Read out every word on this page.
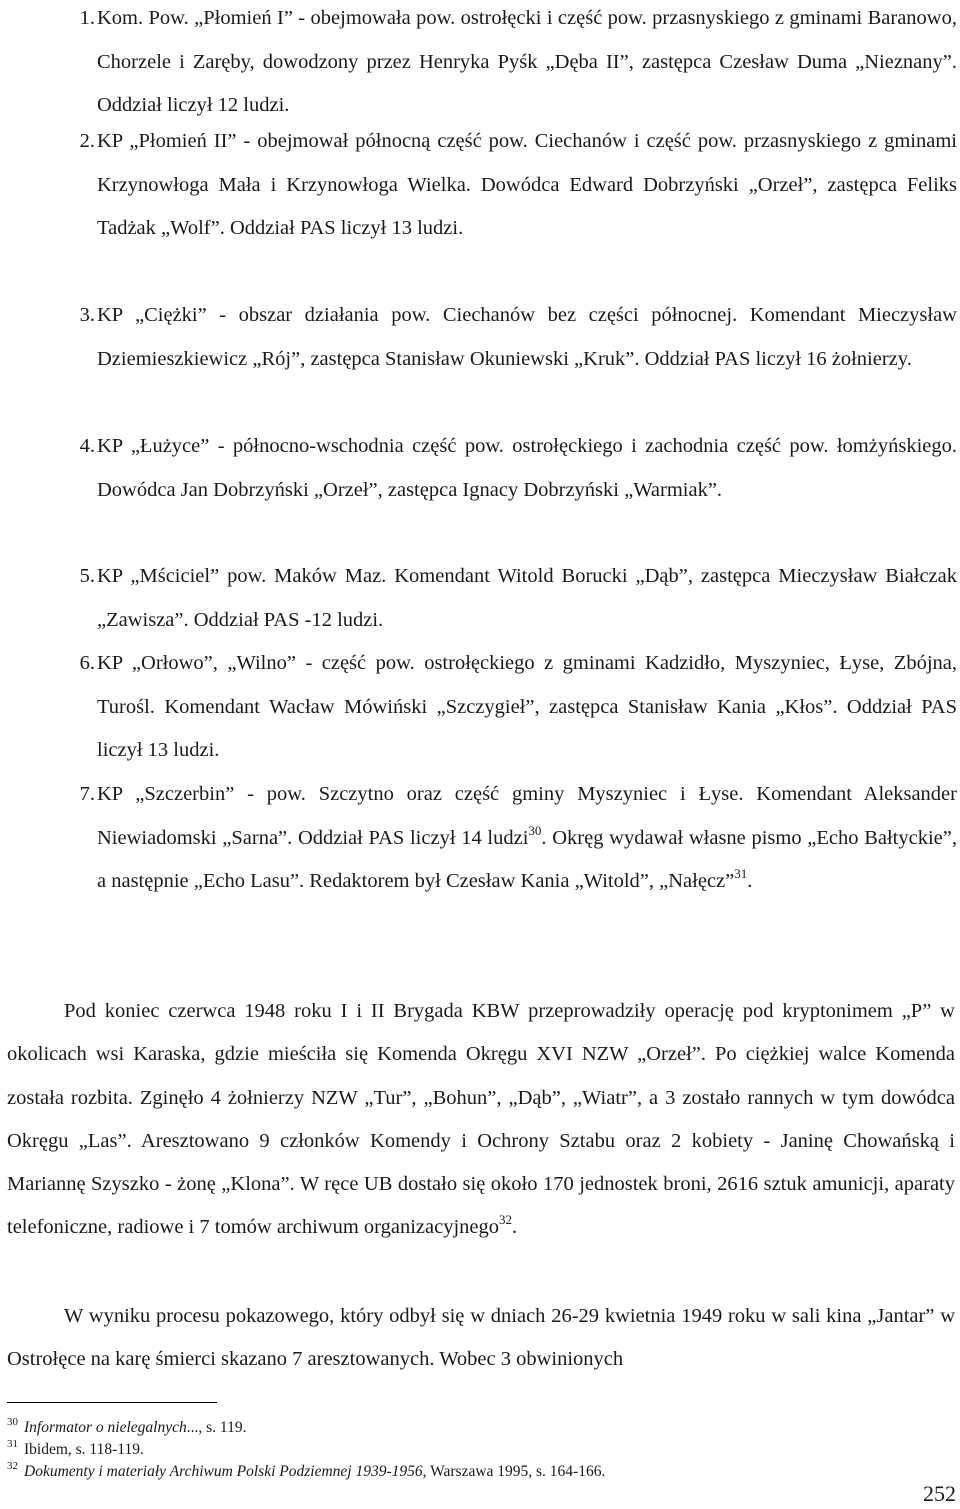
1. Kom. Pow. „Płomień I” - obejmowała pow. ostrołęcki i część pow. przasnyskiego z gminami Baranowo, Chorzele i Zaręby, dowodzony przez Henryka Pyśk „Dęba II”, zastępca Czesław Duma „Nieznany”. Oddział liczył 12 ludzi.
2. KP „Płomień II” - obejmował północną część pow. Ciechanów i część pow. przasnyskiego z gminami Krzynowłoga Mała i Krzynowłoga Wielka. Dowódca Edward Dobrzyński „Orzeł”, zastępca Feliks Tadżak „Wolf”. Oddział PAS liczył 13 ludzi.
3. KP „Ciężki” - obszar działania pow. Ciechanów bez części północnej. Komendant Mieczysław Dziemieszkiewicz „Rój”, zastępca Stanisław Okuniewski „Kruk”. Oddział PAS liczył 16 żołnierzy.
4. KP „Łużyce” - północno-wschodnia część pow. ostrołęckiego i zachodnia część pow. łomżyńskiego. Dowódca Jan Dobrzyński „Orzeł”, zastępca Ignacy Dobrzyński „Warmiak”.
5. KP „Mściciel” pow. Maków Maz. Komendant Witold Borucki „Dąb”, zastępca Mieczysław Białczak „Zawisza”. Oddział PAS -12 ludzi.
6. KP „Orłowo”, „Wilno” - część pow. ostrołęckiego z gminami Kadzidło, Myszyniec, Łyse, Zbójna, Turośl. Komendant Wacław Mówiński „Szczygieł”, zastępca Stanisław Kania „Kłos”. Oddział PAS liczył 13 ludzi.
7. KP „Szczerbin” - pow. Szczytno oraz część gminy Myszyniec i Łyse. Komendant Aleksander Niewiadomski „Sarna”. Oddział PAS liczył 14 ludzi$^{30}$. Okręg wydawał własne pismo „Echo Bałtyckie”, a następnie „Echo Lasu”. Redaktorem był Czesław Kania „Witold”, „Nałęcz”$^{31}$.
Pod koniec czerwca 1948 roku I i II Brygada KBW przeprowadziły operację pod kryptonimem „P” w okolicach wsi Karaska, gdzie mieściła się Komenda Okręgu XVI NZW „Orzeł”. Po ciężkiej walce Komenda została rozbita. Zginęło 4 żołnierzy NZW „Tur”, „Bohun”, „Dąb”, „Wiatr”, a 3 zostało rannych w tym dowódca Okręgu „Las”. Aresztowano 9 członków Komendy i Ochrony Sztabu oraz 2 kobiety - Janinę Chowańską i Mariannę Szyszko - żonę „Klona”. W ręce UB dostało się około 170 jednostek broni, 2616 sztuk amunicji, aparaty telefoniczne, radiowe i 7 tomów archiwum organizacyjnego$^{32}$.
W wyniku procesu pokazowego, który odbył się w dniach 26-29 kwietnia 1949 roku w sali kina „Jantar” w Ostrołęce na karę śmierci skazano 7 aresztowanych. Wobec 3 obwinionych
$^{30}$ Informator o nielegalnych..., s. 119.
$^{31}$ Ibidem, s. 118-119.
$^{32}$ Dokumenty i materiały Archiwum Polski Podziemnej 1939-1956, Warszawa 1995, s. 164-166.
252
